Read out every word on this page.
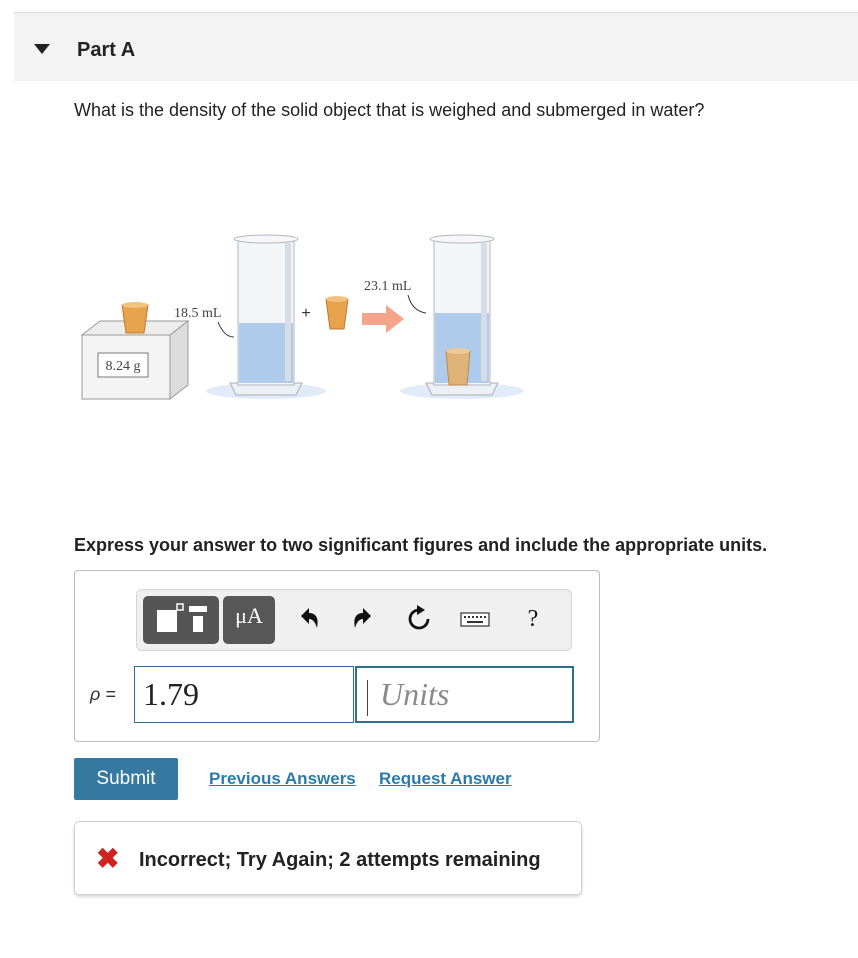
Part A
What is the density of the solid object that is weighed and submerged in water?
8.24 g
18.5 mL	+
23.1 mL
Express your answer to two significant figures and include the appropriate units.
μA	?
ρ = 1.79	Units
Submit	Previous Answers Request Answer
✖ Incorrect; Try Again; 2 attempts remaining
